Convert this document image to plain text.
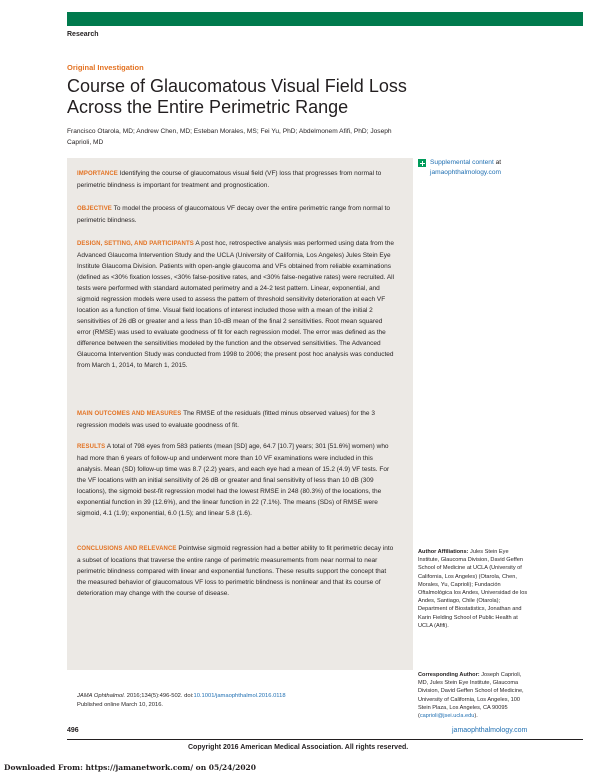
Research
Original Investigation
Course of Glaucomatous Visual Field Loss Across the Entire Perimetric Range
Francisco Otarola, MD; Andrew Chen, MD; Esteban Morales, MS; Fei Yu, PhD; Abdelmonem Afifi, PhD; Joseph Caprioli, MD

IMPORTANCE Identifying the course of glaucomatous visual field (VF) loss that progresses from normal to perimetric blindness is important for treatment and prognostication.

OBJECTIVE To model the process of glaucomatous VF decay over the entire perimetric range from normal to perimetric blindness.

DESIGN, SETTING, AND PARTICIPANTS A post hoc, retrospective analysis was performed using data from the Advanced Glaucoma Intervention Study and the UCLA (University of California, Los Angeles) Jules Stein Eye Institute Glaucoma Division. Patients with open-angle glaucoma and VFs obtained from reliable examinations (defined as <30% fixation losses, <30% false-positive rates, and <30% false-negative rates) were recruited. All tests were performed with standard automated perimetry and a 24-2 test pattern. Linear, exponential, and sigmoid regression models were used to assess the pattern of threshold sensitivity deterioration at each VF location as a function of time. Visual field locations of interest included those with a mean of the initial 2 sensitivities of 26 dB or greater and a less than 10-dB mean of the final 2 sensitivities. Root mean squared error (RMSE) was used to evaluate goodness of fit for each regression model. The error was defined as the difference between the sensitivities modeled by the function and the observed sensitivities. The Advanced Glaucoma Intervention Study was conducted from 1998 to 2006; the present post hoc analysis was conducted from March 1, 2014, to March 1, 2015.

MAIN OUTCOMES AND MEASURES The RMSE of the residuals (fitted minus observed values) for the 3 regression models was used to evaluate goodness of fit.

RESULTS A total of 798 eyes from 583 patients (mean [SD] age, 64.7 [10.7] years; 301 [51.6%] women) who had more than 6 years of follow-up and underwent more than 10 VF examinations were included in this analysis. Mean (SD) follow-up time was 8.7 (2.2) years, and each eye had a mean of 15.2 (4.9) VF tests. For the VF locations with an initial sensitivity of 26 dB or greater and final sensitivity of less than 10 dB (309 locations), the sigmoid best-fit regression model had the lowest RMSE in 248 (80.3%) of the locations, the exponential function in 39 (12.6%), and the linear function in 22 (7.1%). The means (SDs) of RMSE were sigmoid, 4.1 (1.9); exponential, 6.0 (1.5); and linear 5.8 (1.6).

CONCLUSIONS AND RELEVANCE Pointwise sigmoid regression had a better ability to fit perimetric decay into a subset of locations that traverse the entire range of perimetric measurements from near normal to near perimetric blindness compared with linear and exponential functions. These results support the concept that the measured behavior of glaucomatous VF loss to perimetric blindness is nonlinear and that its course of deterioration may change with the course of disease.

JAMA Ophthalmol. 2016;134(5):496-502. doi:10.1001/jamaophthalmol.2016.0118
Published online March 10, 2016.
Supplemental content at
jamaophthalmology.com
Author Affiliations: Jules Stein Eye Institute, Glaucoma Division, David Geffen School of Medicine at UCLA (University of California, Los Angeles) (Otarola, Chen, Morales, Yu, Caprioli); Fundación Oftalmológica los Andes, Universidad de los Andes, Santiago, Chile (Otarola); Department of Biostatistics, Jonathan and Karin Fielding School of Public Health at UCLA (Afifi).
Corresponding Author: Joseph Caprioli, MD, Jules Stein Eye Institute, Glaucoma Division, David Geffen School of Medicine, University of California, Los Angeles, 100 Stein Plaza, Los Angeles, CA 90095 (caprioli@jsei.ucla.edu).
496	jamaophthalmology.com
Copyright 2016 American Medical Association. All rights reserved.
Downloaded From: https://jamanetwork.com/ on 05/24/2020
